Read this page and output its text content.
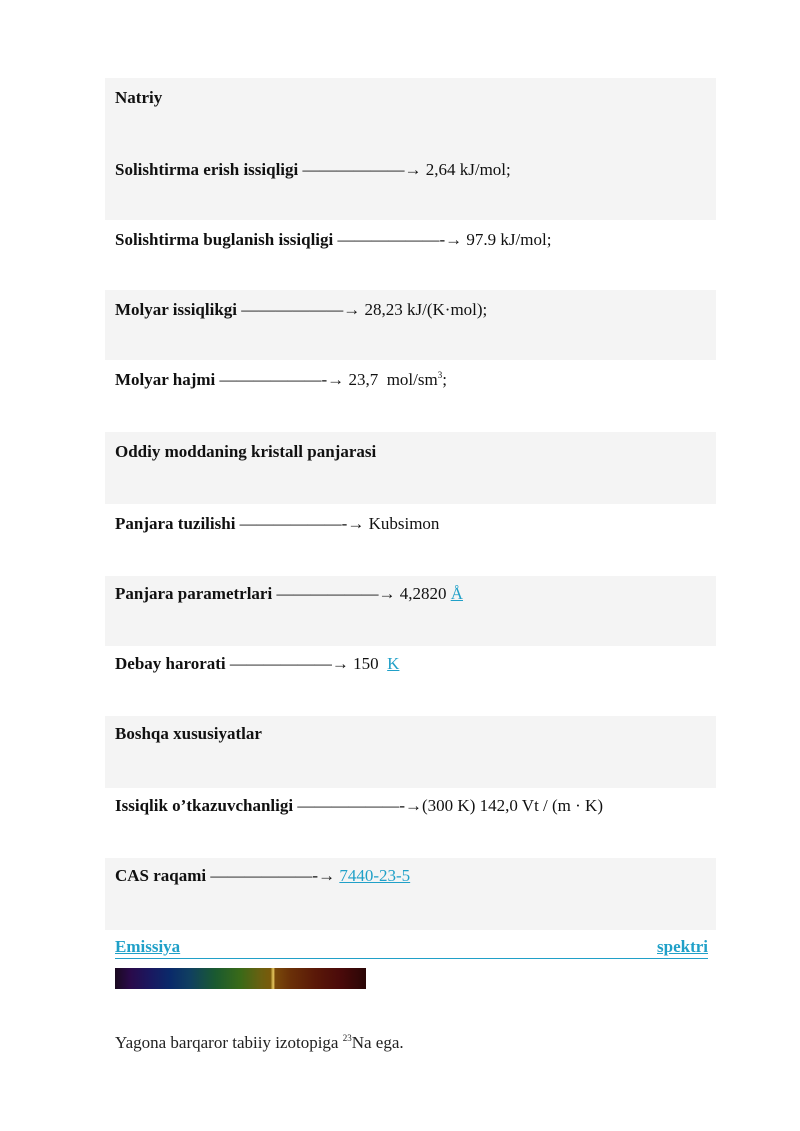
Natriy
Solishtirma erish issiqligi ——————→ 2,64 kJ/mol;
Solishtirma buglanish issiqligi ——————-→ 97.9 kJ/mol;
Molyar issiqlikgi ——————→ 28,23 kJ/(K·mol);
Molyar hajmi ——————-→ 23,7  mol/$sm^3$;
Oddiy moddaning kristall panjarasi
Panjara tuzilishi ——————-→ Kubsimon
Panjara parametrlari ——————→ 4,2820 Å
Debay harorati ——————→ 150  K
Boshqa xususiyatlar
Issiqlik o’tkazuvchanligi ——————-→ (300 K) 142,0 Vt / (m · K)
CAS raqami ——————-→ 7440-23-5
Emissiya	spektri
Yagona barqaror tabiiy izotopiga $^{23}$Na ega.
